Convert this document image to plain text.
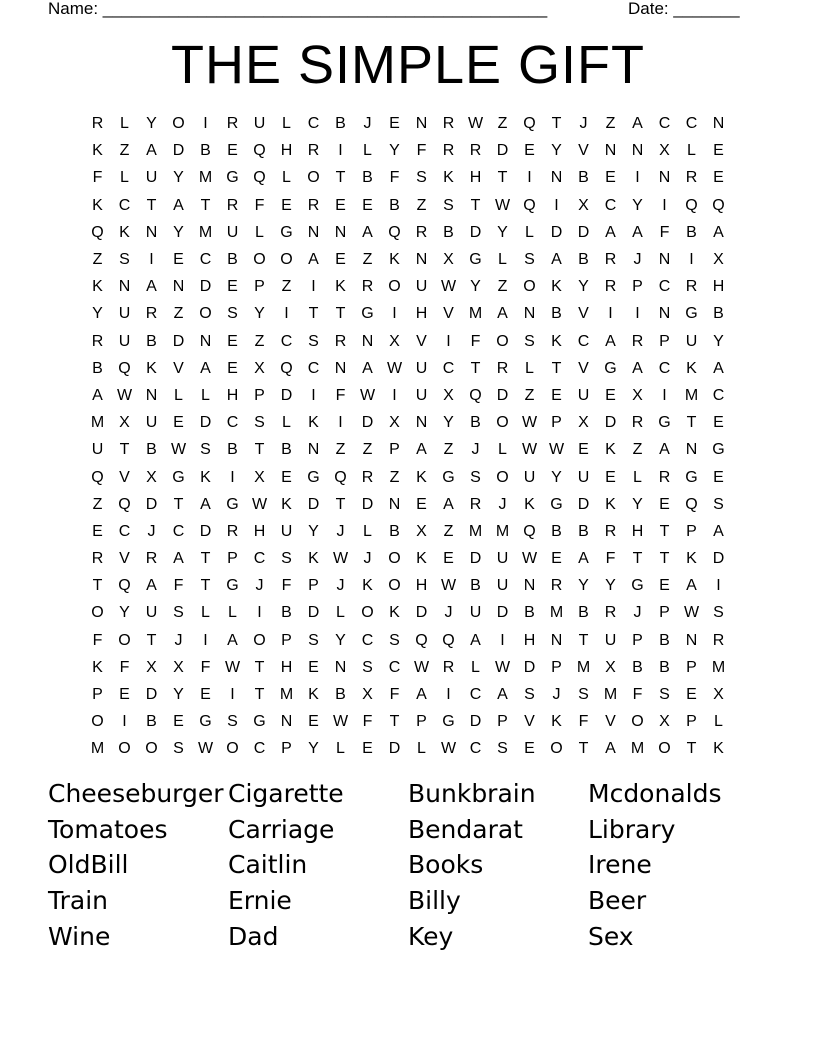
Name: _______________________________________________	Date: _______
THE SIMPLE GIFT
R	L	Y O	I	R U	L	C B	J	E N R W Z Q T	J	Z	A C C N
K	Z	A D B	E Q H R	I	L	Y	F	R R D E	Y	V N N X	L	E
F	L	U Y M G Q	L	O T	B	F	S	K H	T	I	N B	E	I	N R E
K C	T	A	T	R	F	E R E	E	B	Z	S	T W Q	I	X C Y	I	Q Q
Q K N Y M U	L	G N N A Q R B D Y	L	D D A	A	F	B	A
Z	S	I	E C B O O A	E	Z	K N X G	L	S	A	B R	J	N	I	X
K N A N D E	P	Z	I	K R O U W Y	Z O K	Y R P C R H
Y U R	Z O S	Y	I	T	T G	I	H V M A N B	V	I	I	N G B
R U B D N E	Z	C S R N X	V	I	F O S	K C A R P U Y
B Q K	V	A	E	X Q C N A W U C	T	R	L	T	V G A C K	A
A W N	L	L	H P D	I	F W	I	U X Q D	Z	E U E	X	I	M C
M X U E D C S	L	K	I	D X N Y	B O W P	X D R G T	E
U	T	B W S	B	T	B N	Z	Z	P	A	Z	J	L W W E	K	Z	A N G
Q V	X G K	I	X	E G Q R	Z	K G S O U Y U E	L	R G E
Z Q D	T	A G W K D	T	D N E	A R	J	K G D K	Y	E Q S
E C	J	C D R H U Y	J	L	B	X	Z M M Q B	B R H	T	P	A
R V R A	T	P C S	K W J	O K	E D U W E	A	F	T	T	K D
T Q A	F	T G	J	F	P	J	K O H W B U N R Y	Y G E	A	I
O Y U S	L	L	I	B D	L	O K D	J	U D B M B R	J	P W S
F O T	J	I	A O P	S	Y C S Q Q A	I	H N	T	U P	B N R
K	F	X	X	F W T	H E N S C W R	L W D P M X	B	B	P M
P	E D Y	E	I	T M K	B	X	F	A	I	C A	S	J	S M F	S	E	X
O	I	B	E G S G N E W F	T	P G D P	V	K	F	V O X	P	L
M O O S W O C P	Y	L	E D	L W C S	E O T	A M O T	K
Cheeseburger Cigarette	Bunkbrain	Mcdonalds
Tomatoes	Carriage	Bendarat	Library
OldBill	Caitlin	Books	Irene
Train	Ernie	Billy	Beer
Wine	Dad	Key	Sex
